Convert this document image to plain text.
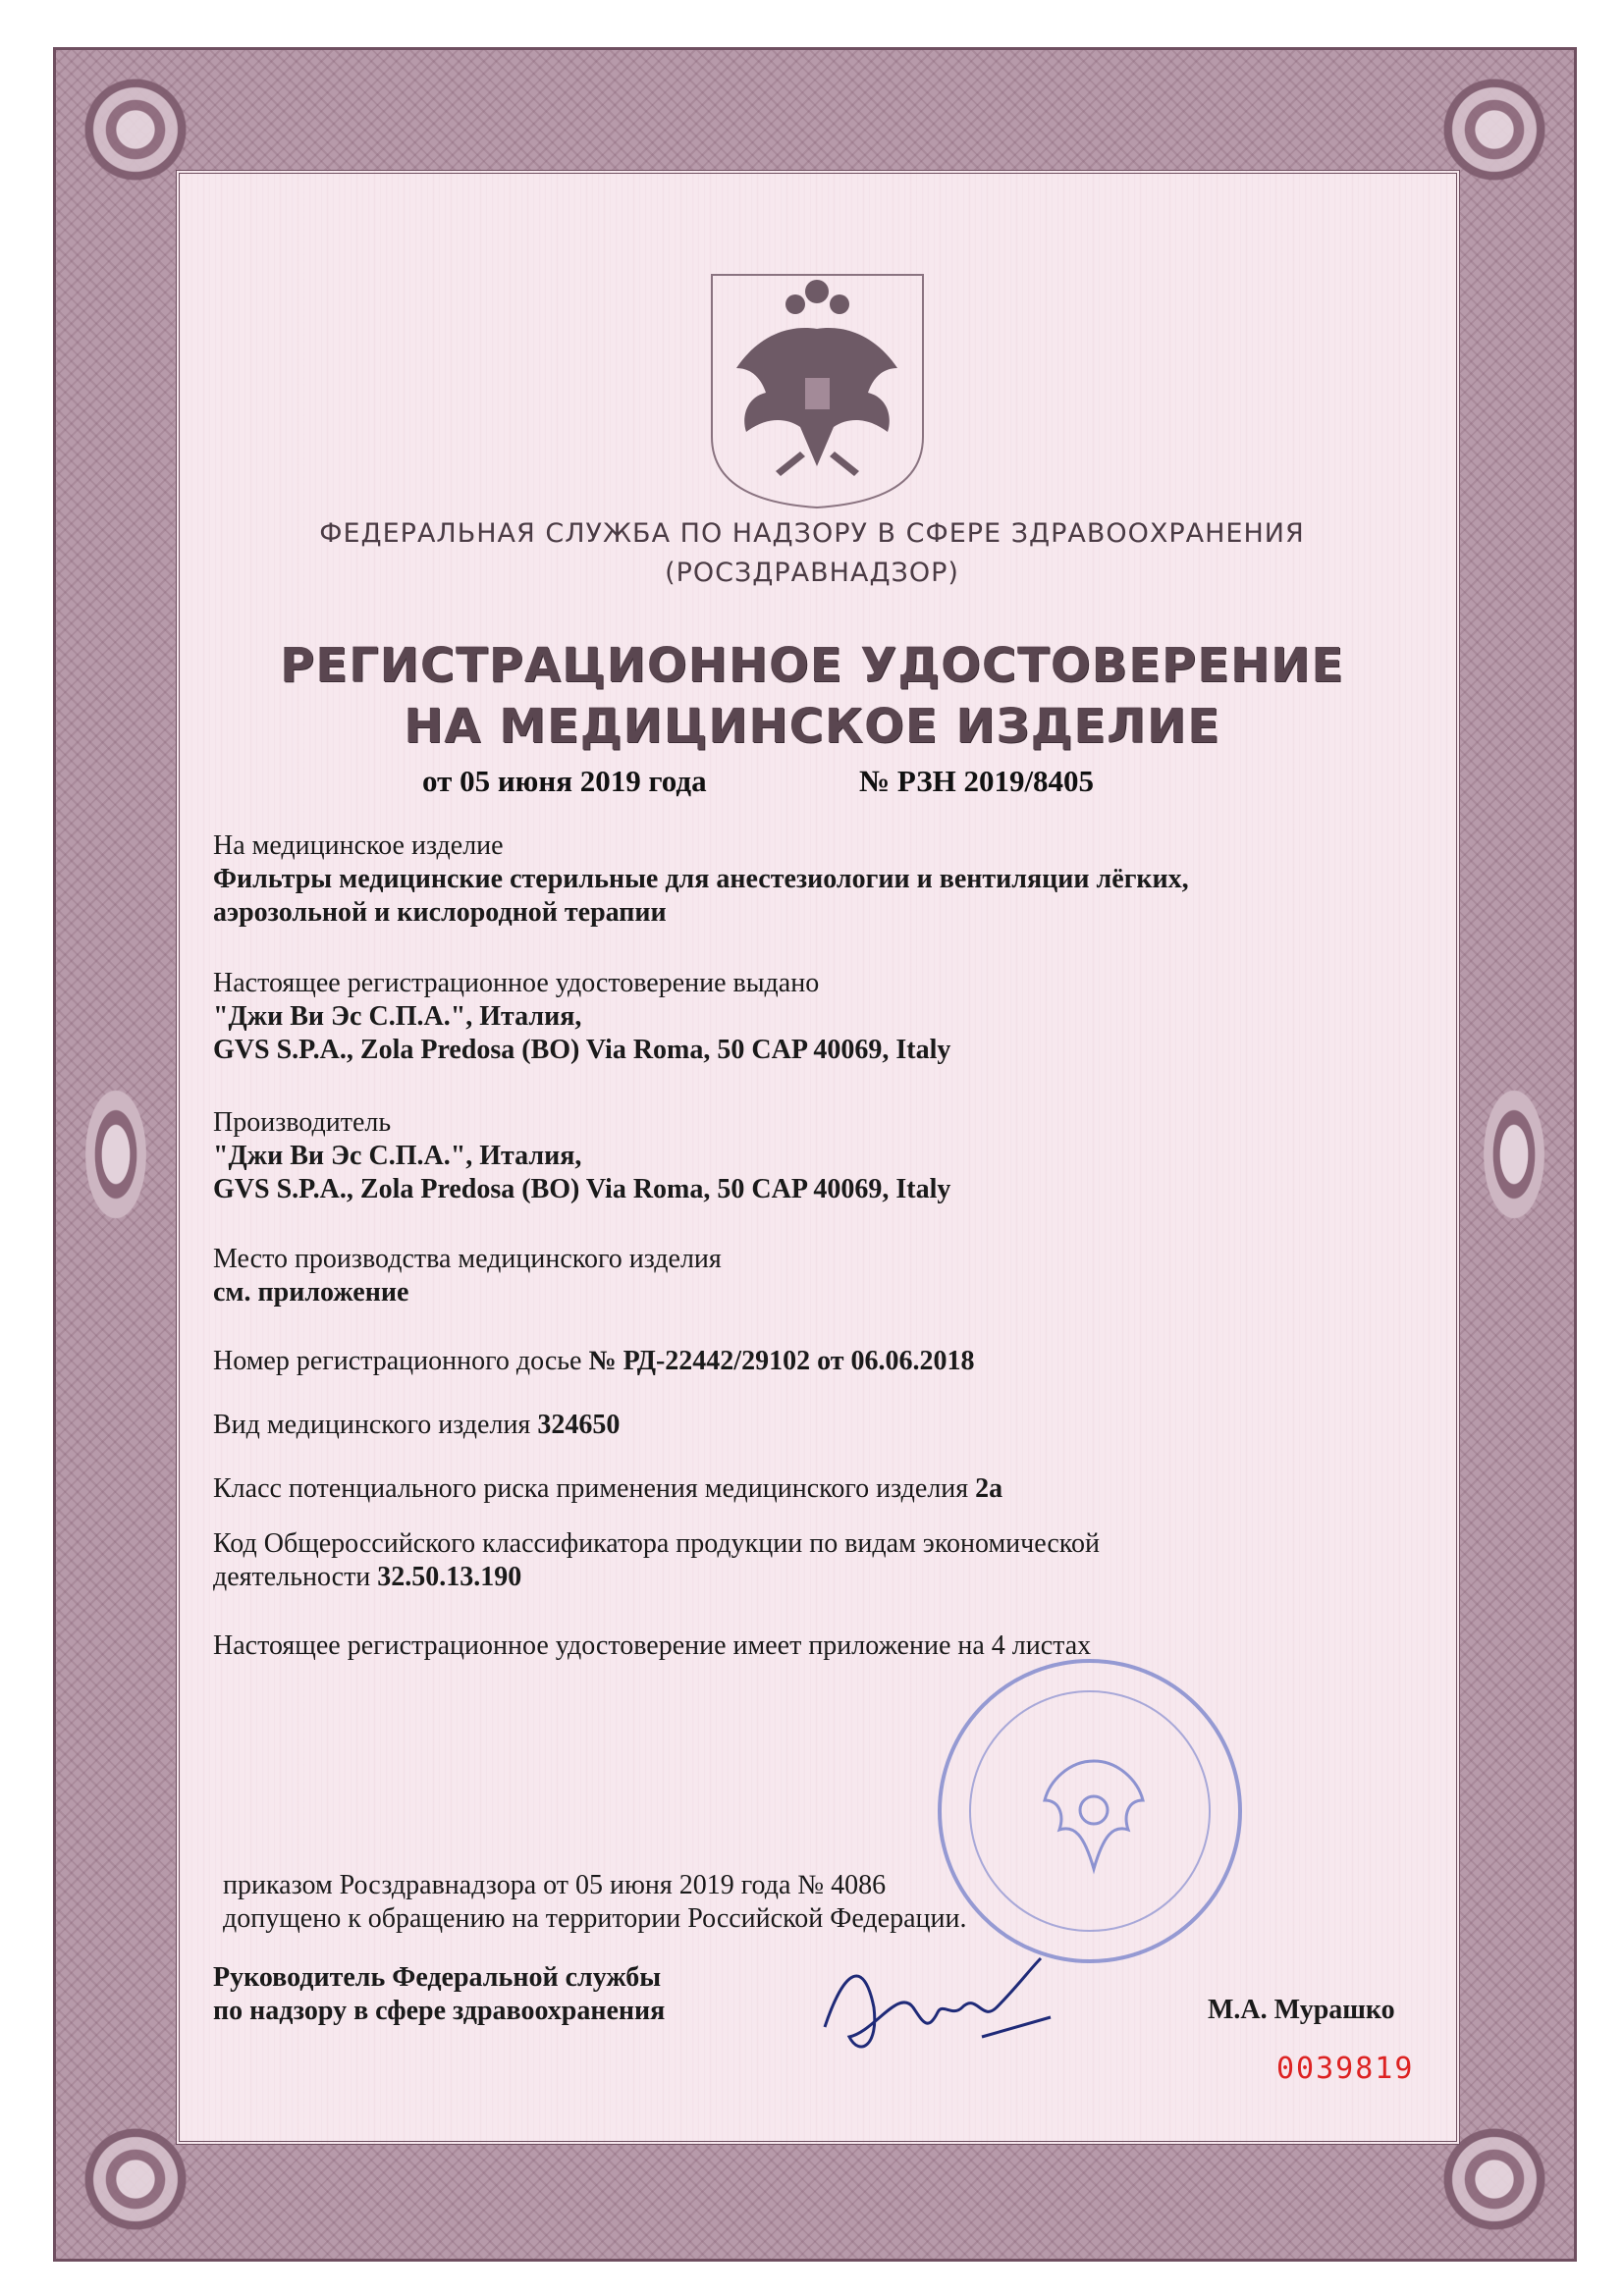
ФЕДЕРАЛЬНАЯ СЛУЖБА ПО НАДЗОРУ В СФЕРЕ ЗДРАВООХРАНЕНИЯ
(РОСЗДРАВНАДЗОР)
РЕГИСТРАЦИОННОЕ УДОСТОВЕРЕНИЕ
НА МЕДИЦИНСКОЕ ИЗДЕЛИЕ
от 05 июня 2019 года	№ РЗН 2019/8405
На медицинское изделие
Фильтры медицинские стерильные для анестезиологии и вентиляции лёгких,
аэрозольной и кислородной терапии
Настоящее регистрационное удостоверение выдано
"Джи Ви Эс С.П.А.", Италия,
GVS S.P.A., Zola Predosa (BO) Via Roma, 50 CAP 40069, Italy
Производитель
"Джи Ви Эс С.П.А.", Италия,
GVS S.P.A., Zola Predosa (BO) Via Roma, 50 CAP 40069, Italy
Место производства медицинского изделия
см. приложение
Номер регистрационного досье № РД-22442/29102 от 06.06.2018
Вид медицинского изделия 324650
Класс потенциального риска применения медицинского изделия 2а
Код Общероссийского классификатора продукции по видам экономической
деятельности 32.50.13.190
Настоящее регистрационное удостоверение имеет приложение на 4 листах
приказом Росздравнадзора от 05 июня 2019 года № 4086
допущено к обращению на территории Российской Федерации.
Руководитель Федеральной службы
по надзору в сфере здравоохранения	М.А. Мурашко
0039819
